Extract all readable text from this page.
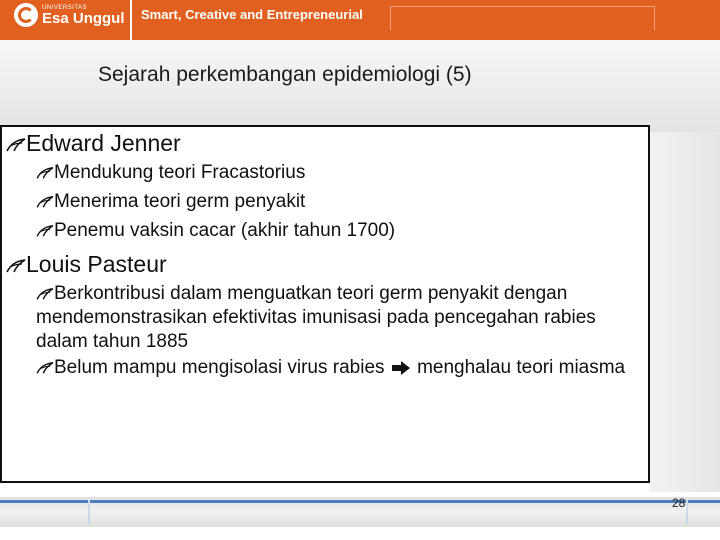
UNIVERSITAS
Esa Unggul Smart, Creative and Entrepreneurial
Sejarah perkembangan epidemiologi (5)
Edward Jenner
Mendukung teori Fracastorius
Menerima teori germ penyakit
Penemu vaksin cacar (akhir tahun 1700)
Louis Pasteur
Berkontribusi dalam menguatkan teori germ penyakit dengan mendemonstrasikan efektivitas imunisasi pada pencegahan rabies dalam tahun 1885
Belum mampu mengisolasi virus rabies menghalau teori miasma
28
